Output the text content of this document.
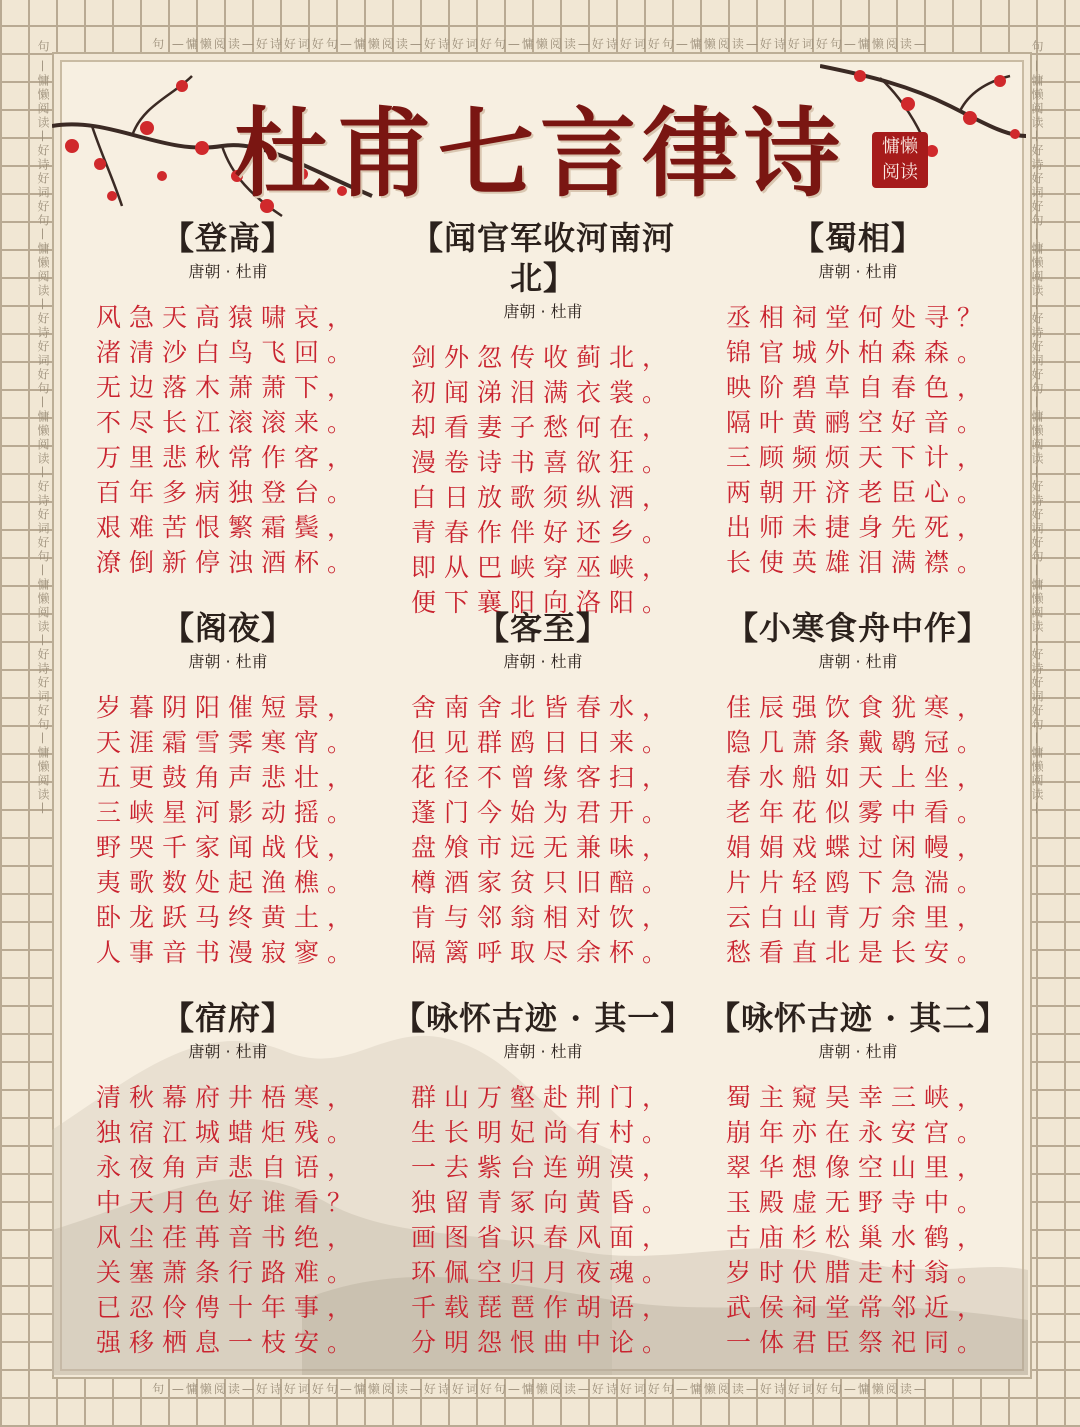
句 —慵懒阅读—好诗好词好句—慵懒阅读—好诗好词好句—慵懒阅读—好诗好词好句—慵懒阅读—好诗好词好句—慵懒阅读—
句 —慵懒阅读—好诗好词好句—慵懒阅读—好诗好词好句—慵懒阅读—好诗好词好句—慵懒阅读—好诗好词好句—慵懒阅读—
句 —慵懒阅读—好诗好词好句—慵懒阅读—好诗好词好句—慵懒阅读—好诗好词好句—慵懒阅读—好诗好词好句—慵懒阅读—	句 —慵懒阅读—好诗好词好句—慵懒阅读—好诗好词好句—慵懒阅读—好诗好词好句—慵懒阅读—好诗好词好句—慵懒阅读—
杜甫七言律诗	慵懒阅读
【登高】
唐朝 · 杜甫
风急天高猿啸哀，
渚清沙白鸟飞回。
无边落木萧萧下，
不尽长江滚滚来。
万里悲秋常作客，
百年多病独登台。
艰难苦恨繁霜鬓，
潦倒新停浊酒杯。
【闻官军收河南河北】
唐朝 · 杜甫
剑外忽传收蓟北，
初闻涕泪满衣裳。
却看妻子愁何在，
漫卷诗书喜欲狂。
白日放歌须纵酒，
青春作伴好还乡。
即从巴峡穿巫峡，
便下襄阳向洛阳。
【蜀相】
唐朝 · 杜甫
丞相祠堂何处寻？
锦官城外柏森森。
映阶碧草自春色，
隔叶黄鹂空好音。
三顾频烦天下计，
两朝开济老臣心。
出师未捷身先死，
长使英雄泪满襟。
【阁夜】
唐朝 · 杜甫
岁暮阴阳催短景，
天涯霜雪霁寒宵。
五更鼓角声悲壮，
三峡星河影动摇。
野哭千家闻战伐，
夷歌数处起渔樵。
卧龙跃马终黄土，
人事音书漫寂寥。
【客至】
唐朝 · 杜甫
舍南舍北皆春水，
但见群鸥日日来。
花径不曾缘客扫，
蓬门今始为君开。
盘飧市远无兼味，
樽酒家贫只旧醅。
肯与邻翁相对饮，
隔篱呼取尽余杯。
【小寒食舟中作】
唐朝 · 杜甫
佳辰强饮食犹寒，
隐几萧条戴鹖冠。
春水船如天上坐，
老年花似雾中看。
娟娟戏蝶过闲幔，
片片轻鸥下急湍。
云白山青万余里，
愁看直北是长安。
【宿府】
唐朝 · 杜甫
清秋幕府井梧寒，
独宿江城蜡炬残。
永夜角声悲自语，
中天月色好谁看？
风尘荏苒音书绝，
关塞萧条行路难。
已忍伶俜十年事，
强移栖息一枝安。
【咏怀古迹 · 其一】
唐朝 · 杜甫
群山万壑赴荆门，
生长明妃尚有村。
一去紫台连朔漠，
独留青冢向黄昏。
画图省识春风面，
环佩空归月夜魂。
千载琵琶作胡语，
分明怨恨曲中论。
【咏怀古迹 · 其二】
唐朝 · 杜甫
蜀主窥吴幸三峡，
崩年亦在永安宫。
翠华想像空山里，
玉殿虚无野寺中。
古庙杉松巢水鹤，
岁时伏腊走村翁。
武侯祠堂常邻近，
一体君臣祭祀同。
